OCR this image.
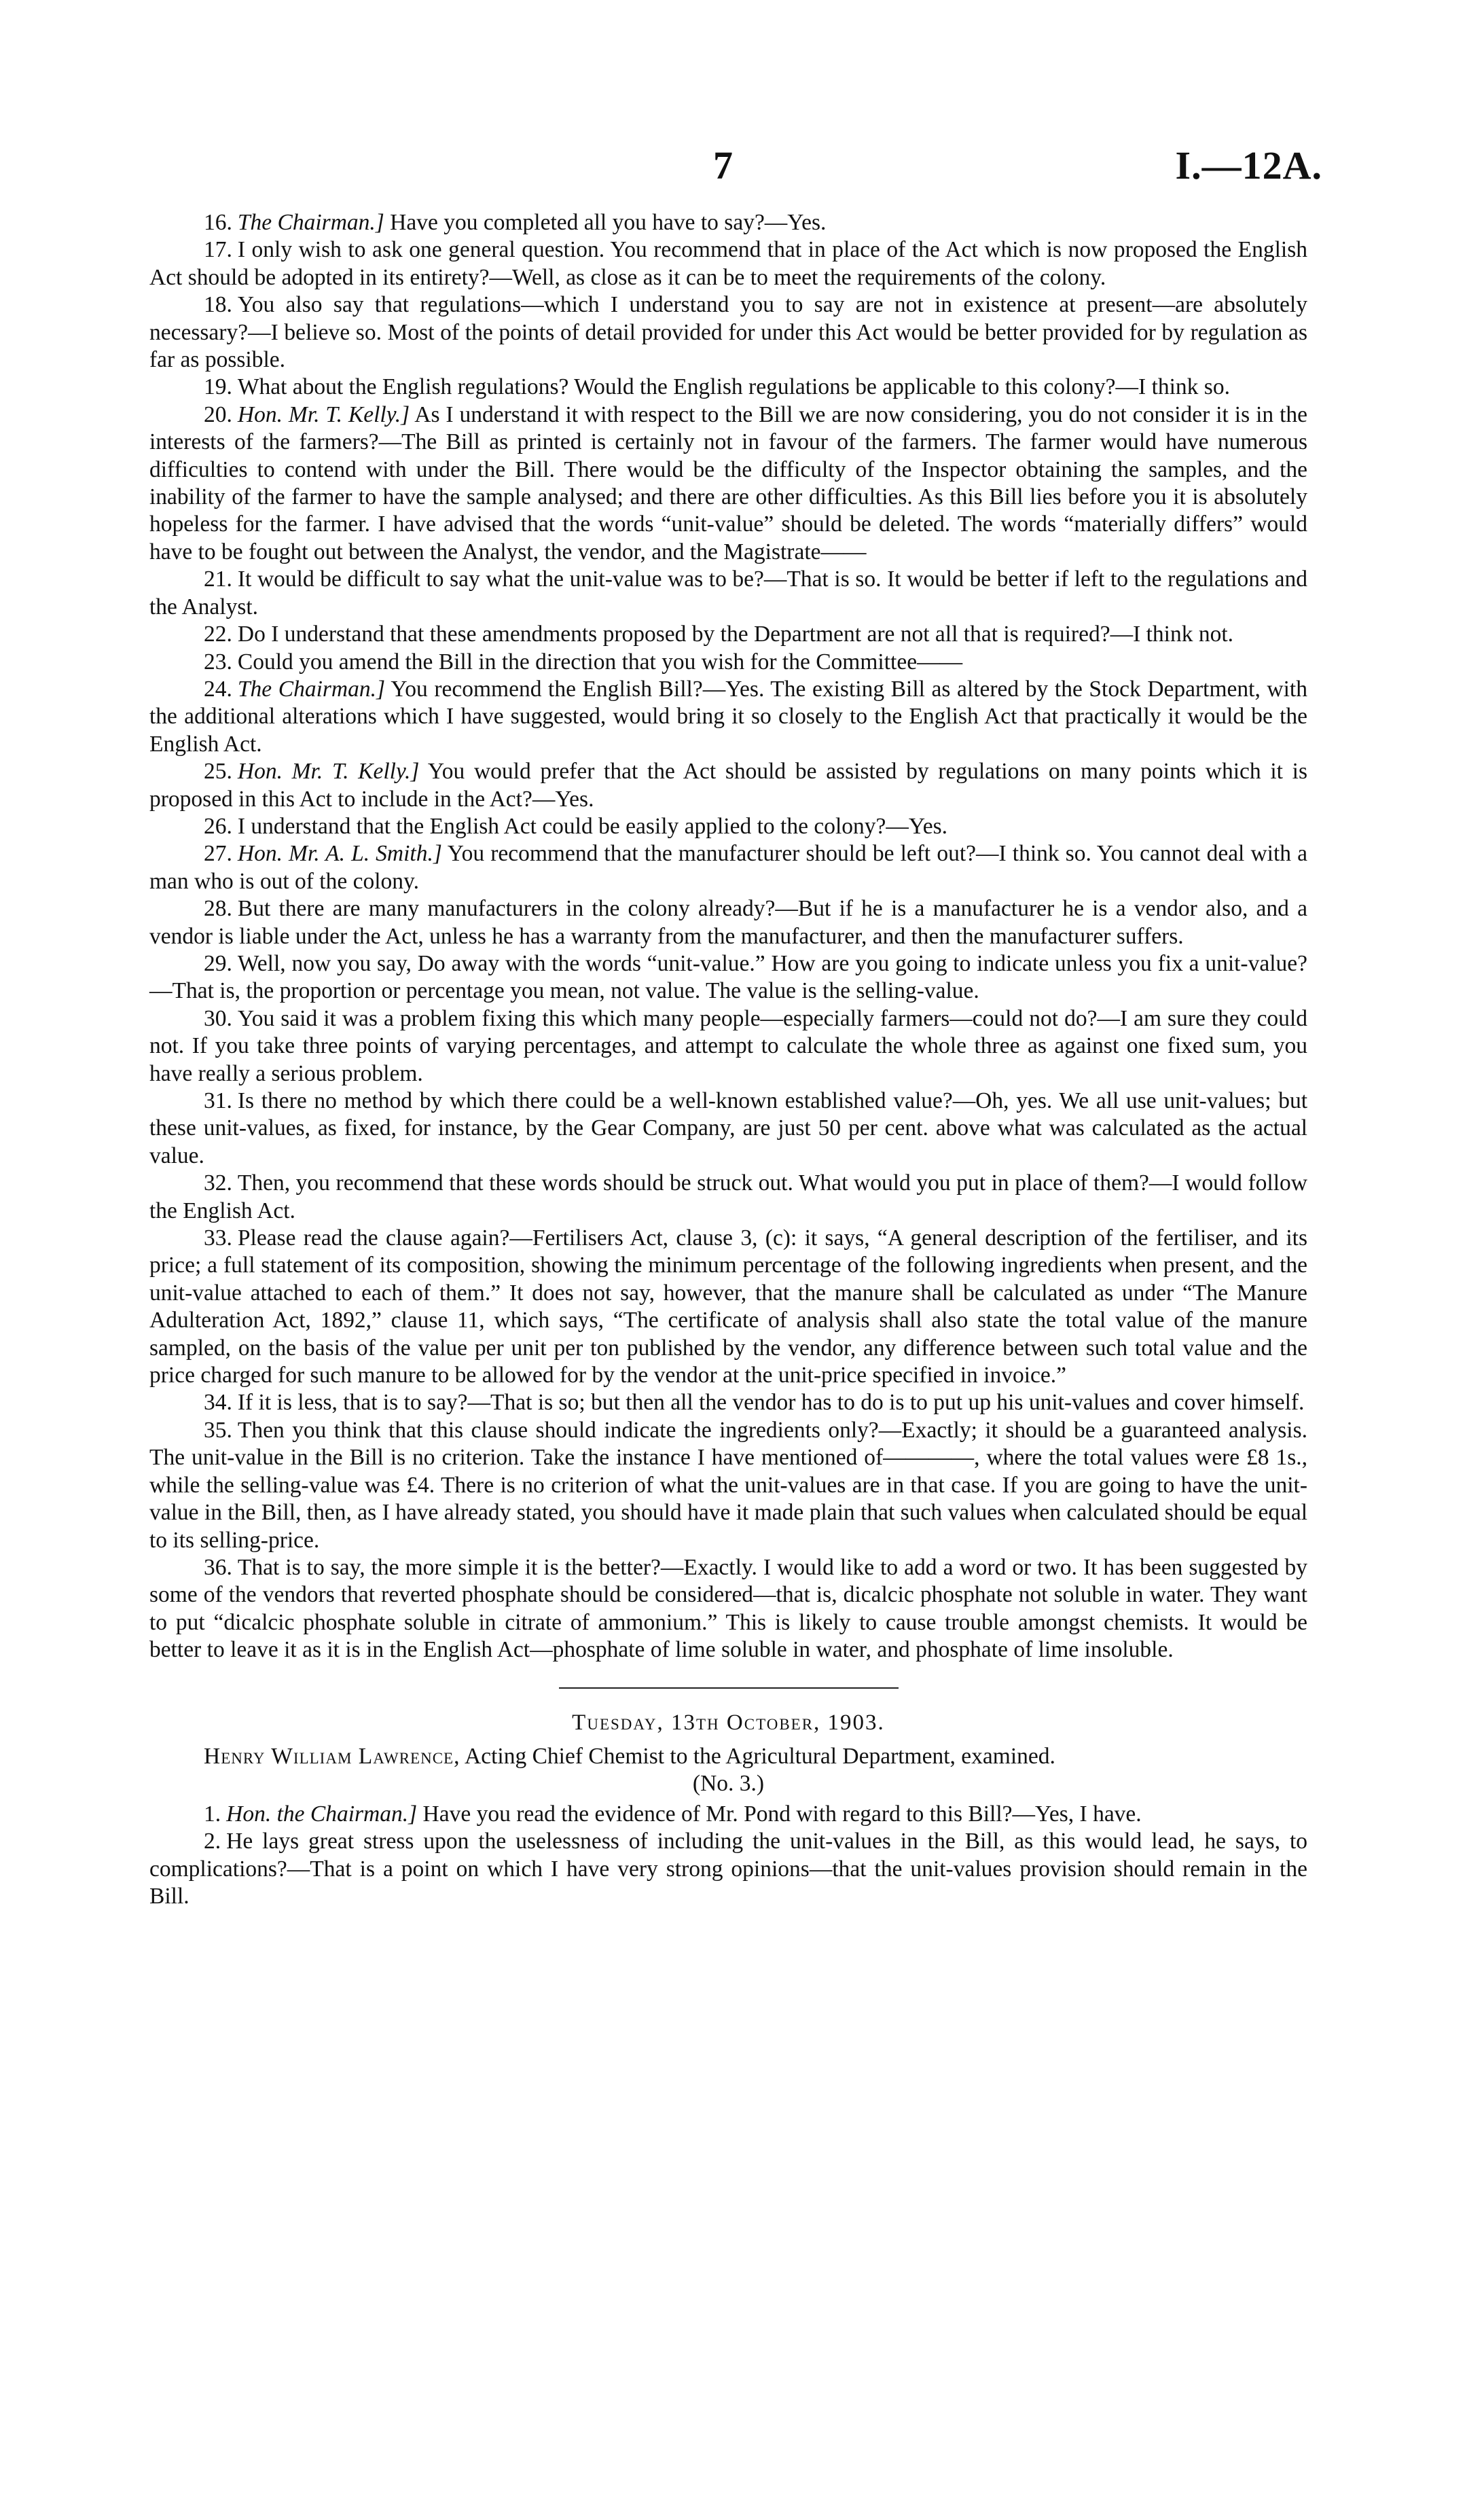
7	I.—12A.

16. The Chairman.] Have you completed all you have to say?—Yes.

17. I only wish to ask one general question. You recommend that in place of the Act which is now proposed the English Act should be adopted in its entirety?—Well, as close as it can be to meet the requirements of the colony.

18. You also say that regulations—which I understand you to say are not in existence at present—are absolutely necessary?—I believe so. Most of the points of detail provided for under this Act would be better provided for by regulation as far as possible.

19. What about the English regulations? Would the English regulations be applicable to this colony?—I think so.

20. Hon. Mr. T. Kelly.] As I understand it with respect to the Bill we are now considering, you do not consider it is in the interests of the farmers?—The Bill as printed is certainly not in favour of the farmers. The farmer would have numerous difficulties to contend with under the Bill. There would be the difficulty of the Inspector obtaining the samples, and the inability of the farmer to have the sample analysed; and there are other difficulties. As this Bill lies before you it is absolutely hopeless for the farmer. I have advised that the words “unit-value” should be deleted. The words “materially differs” would have to be fought out between the Analyst, the vendor, and the Magistrate——

21. It would be difficult to say what the unit-value was to be?—That is so. It would be better if left to the regulations and the Analyst.

22. Do I understand that these amendments proposed by the Department are not all that is required?—I think not.

23. Could you amend the Bill in the direction that you wish for the Committee——

24. The Chairman.] You recommend the English Bill?—Yes. The existing Bill as altered by the Stock Department, with the additional alterations which I have suggested, would bring it so closely to the English Act that practically it would be the English Act.

25. Hon. Mr. T. Kelly.] You would prefer that the Act should be assisted by regulations on many points which it is proposed in this Act to include in the Act?—Yes.

26. I understand that the English Act could be easily applied to the colony?—Yes.

27. Hon. Mr. A. L. Smith.] You recommend that the manufacturer should be left out?—I think so. You cannot deal with a man who is out of the colony.

28. But there are many manufacturers in the colony already?—But if he is a manufacturer he is a vendor also, and a vendor is liable under the Act, unless he has a warranty from the manufacturer, and then the manufacturer suffers.

29. Well, now you say, Do away with the words “unit-value.” How are you going to indicate unless you fix a unit-value?—That is, the proportion or percentage you mean, not value. The value is the selling-value.

30. You said it was a problem fixing this which many people—especially farmers—could not do?—I am sure they could not. If you take three points of varying percentages, and attempt to calculate the whole three as against one fixed sum, you have really a serious problem.

31. Is there no method by which there could be a well-known established value?—Oh, yes. We all use unit-values; but these unit-values, as fixed, for instance, by the Gear Company, are just 50 per cent. above what was calculated as the actual value.

32. Then, you recommend that these words should be struck out. What would you put in place of them?—I would follow the English Act.

33. Please read the clause again?—Fertilisers Act, clause 3, (c): it says, “A general description of the fertiliser, and its price; a full statement of its composition, showing the minimum percentage of the following ingredients when present, and the unit-value attached to each of them.” It does not say, however, that the manure shall be calculated as under “The Manure Adulteration Act, 1892,” clause 11, which says, “The certificate of analysis shall also state the total value of the manure sampled, on the basis of the value per unit per ton published by the vendor, any difference between such total value and the price charged for such manure to be allowed for by the vendor at the unit-price specified in invoice.”

34. If it is less, that is to say?—That is so; but then all the vendor has to do is to put up his unit-values and cover himself.

35. Then you think that this clause should indicate the ingredients only?—Exactly; it should be a guaranteed analysis. The unit-value in the Bill is no criterion. Take the instance I have mentioned of————, where the total values were £8 1s., while the selling-value was £4. There is no criterion of what the unit-values are in that case. If you are going to have the unit-value in the Bill, then, as I have already stated, you should have it made plain that such values when calculated should be equal to its selling-price.

36. That is to say, the more simple it is the better?—Exactly. I would like to add a word or two. It has been suggested by some of the vendors that reverted phosphate should be considered—that is, dicalcic phosphate not soluble in water. They want to put “dicalcic phosphate soluble in citrate of ammonium.” This is likely to cause trouble amongst chemists. It would be better to leave it as it is in the English Act—phosphate of lime soluble in water, and phosphate of lime insoluble.

Tuesday, 13th October, 1903.

Henry William Lawrence, Acting Chief Chemist to the Agricultural Department, examined.

(No. 3.)

1. Hon. the Chairman.] Have you read the evidence of Mr. Pond with regard to this Bill?—Yes, I have.

2. He lays great stress upon the uselessness of including the unit-values in the Bill, as this would lead, he says, to complications?—That is a point on which I have very strong opinions—that the unit-values provision should remain in the Bill.
